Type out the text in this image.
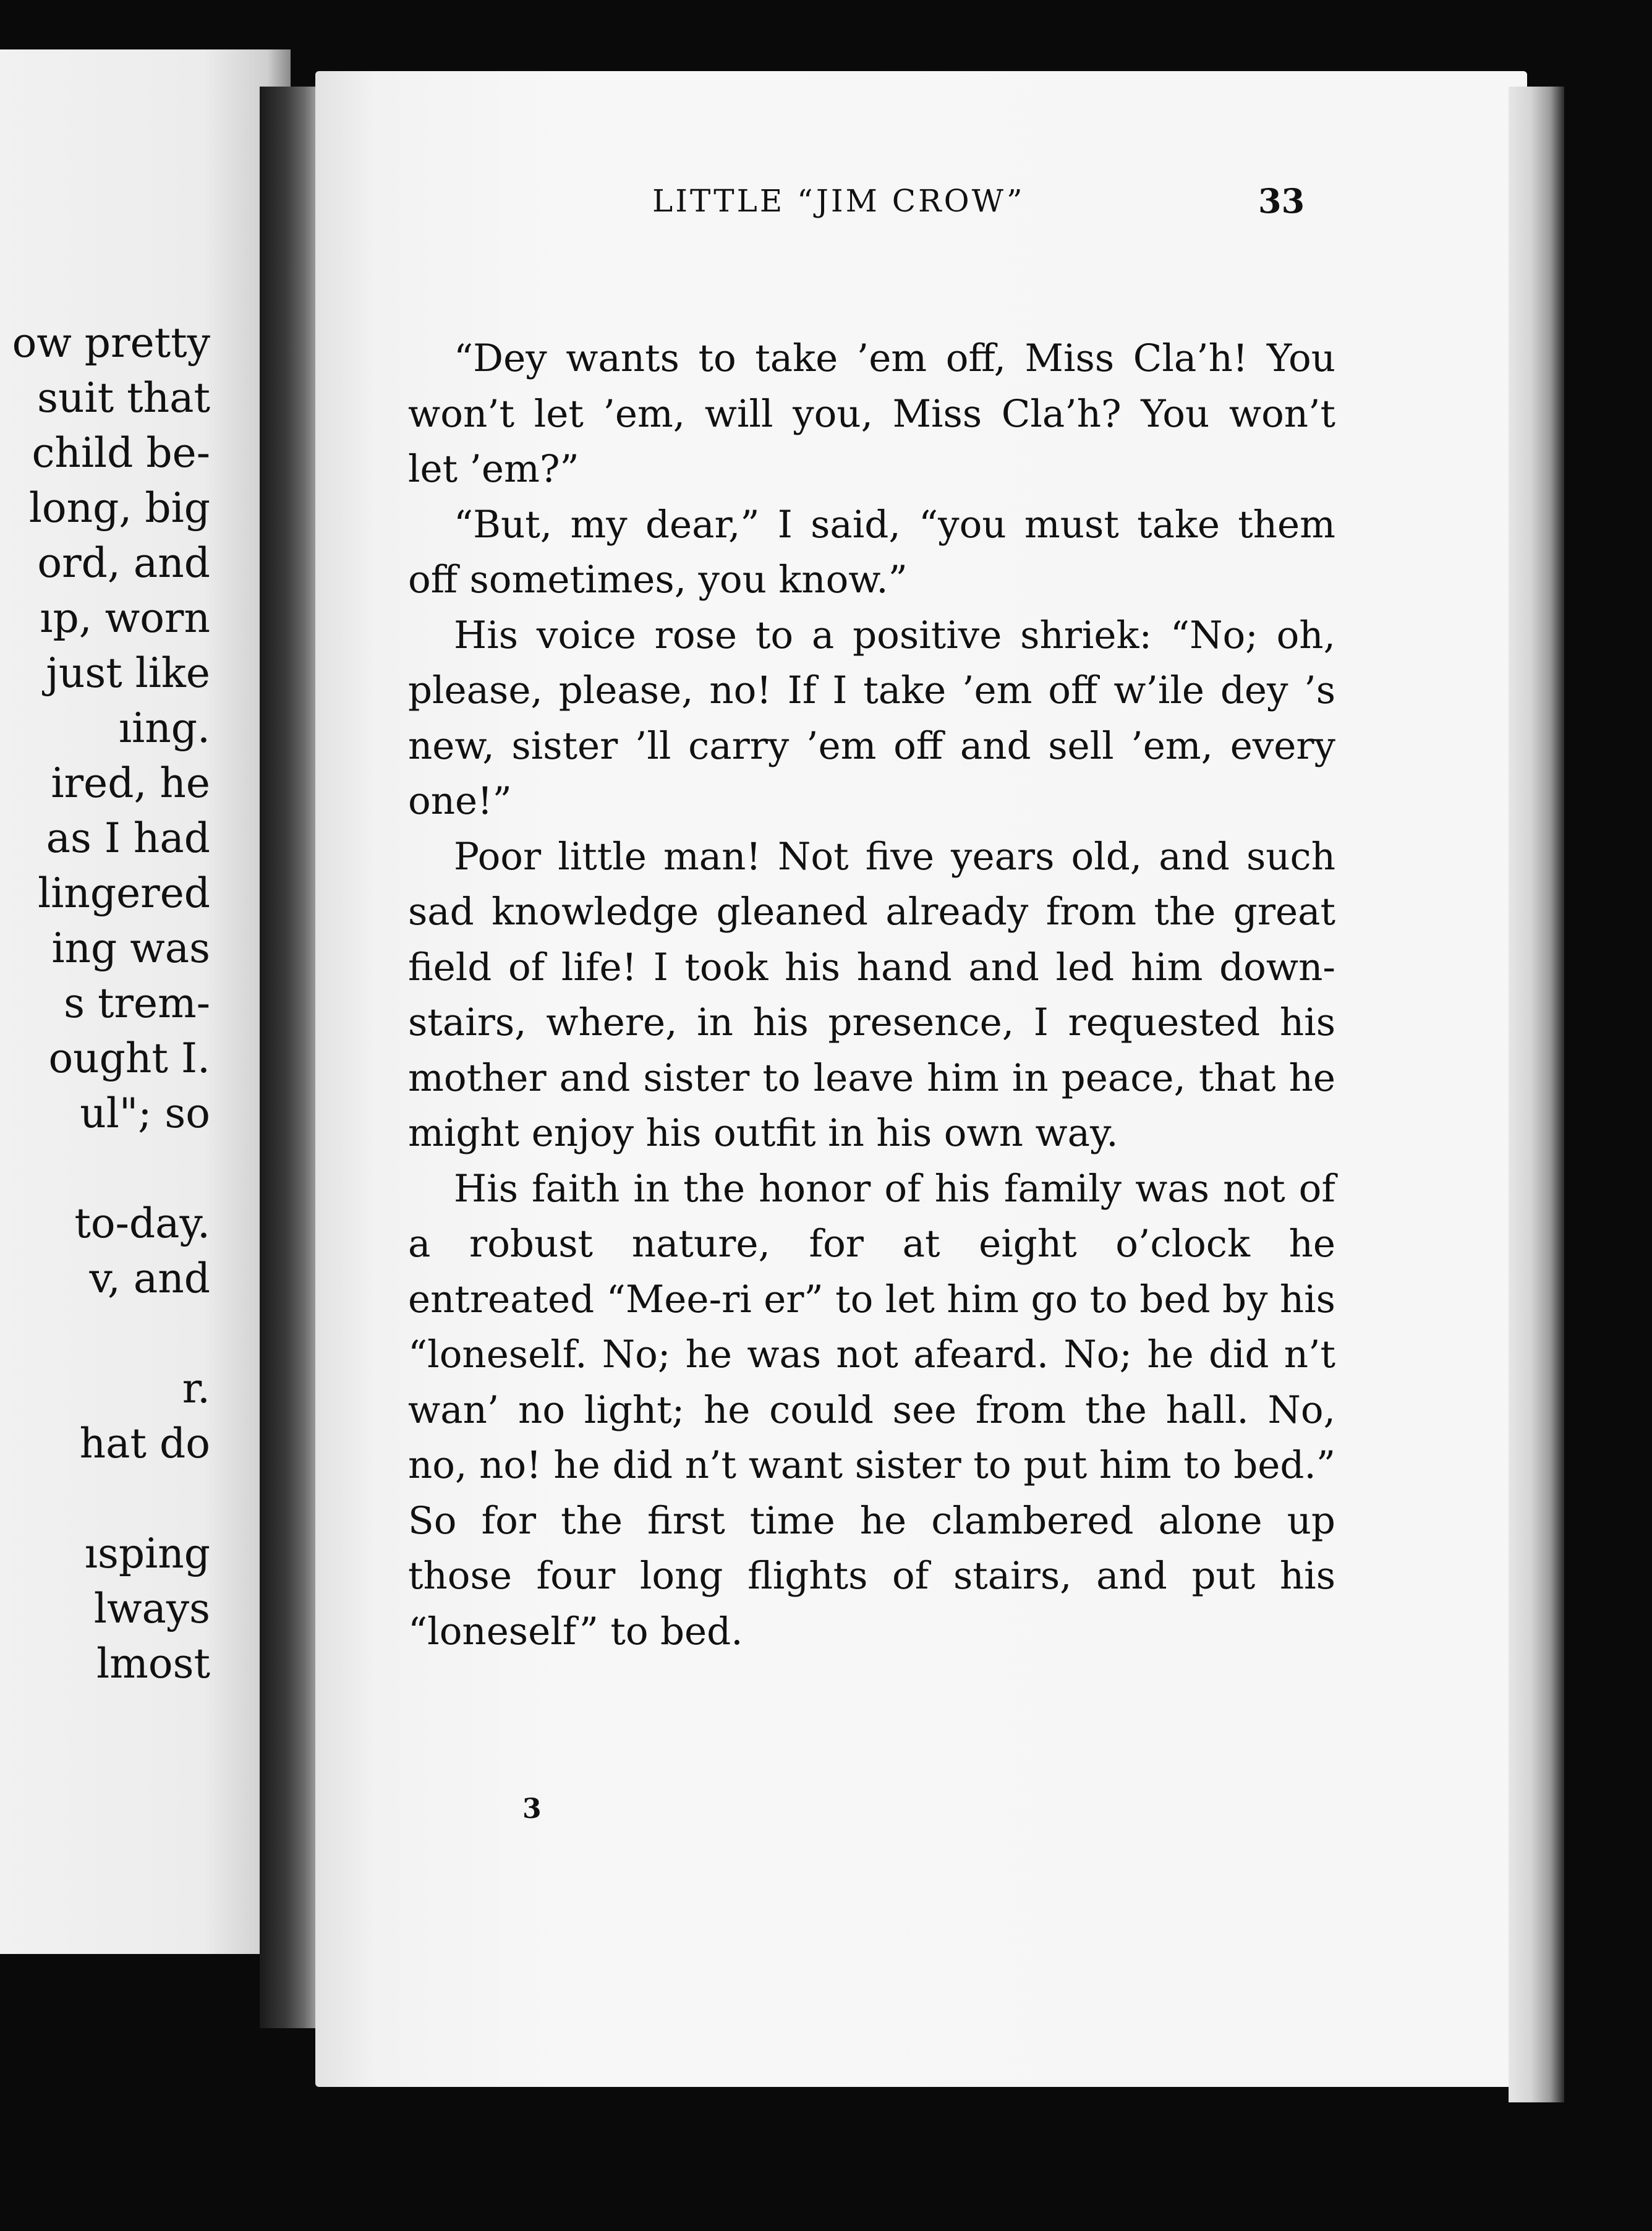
ow pretty
suit that
child be-
long, big
ord, and
ıp, worn
just like
ıing.
ired, he
as I had
lingered
ing was
s trem-
ought I.
ul"; so
to-day.
v, and
r.
hat do
ısping
lways
lmost
LITTLE “JIM CROW”	33

“Dey wants to take ’em off, Miss Cla’h! You won’t let ’em, will you, Miss Cla’h? You won’t let ’em?”

“But, my dear,” I said, “you must take them off sometimes, you know.”

His voice rose to a positive shriek: “No; oh, please, please, no! If I take ’em off w’ile dey ’s new, sister ’ll carry ’em off and sell ’em, every one!”

Poor little man! Not five years old, and such sad knowledge gleaned already from the great field of life! I took his hand and led him down-stairs, where, in his presence, I requested his mother and sister to leave him in peace, that he might enjoy his outfit in his own way.

His faith in the honor of his family was not of a robust nature, for at eight o’clock he entreated “Mee-ri er” to let him go to bed by his “loneself. No; he was not afeard. No; he did n’t wan’ no light; he could see from the hall. No, no, no! he did n’t want sister to put him to bed.” So for the first time he clambered alone up those four long flights of stairs, and put his “loneself” to bed.

3
